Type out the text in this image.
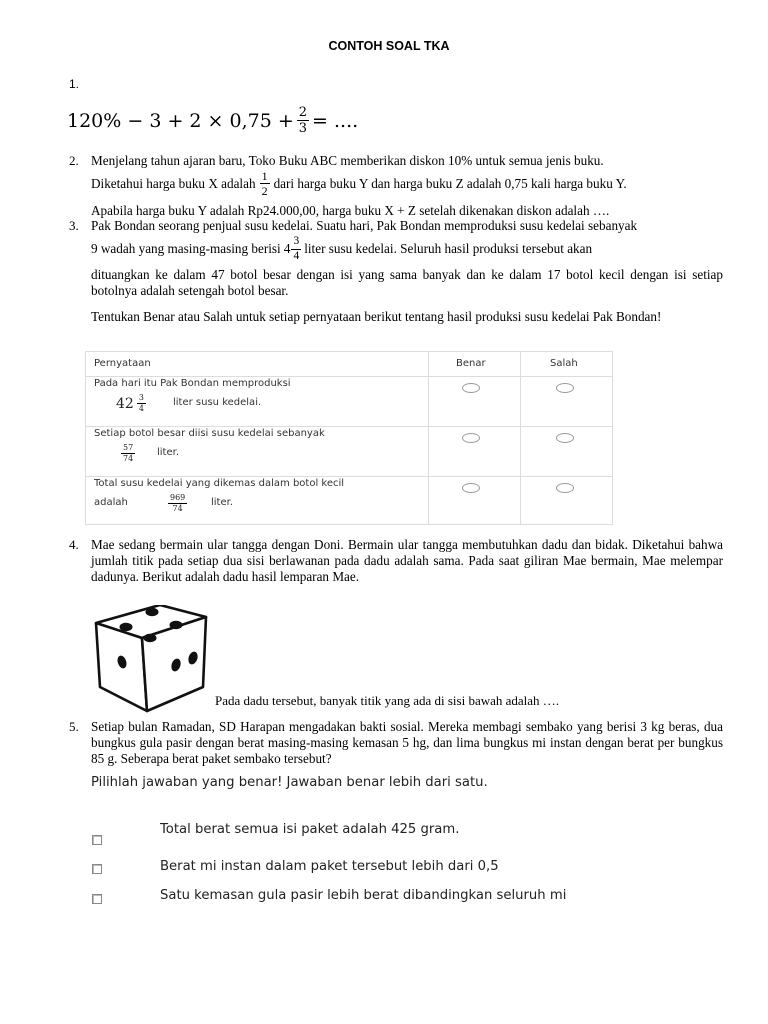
CONTOH SOAL TKA
1.
$120\% - 3 + 2 \times 0,75 + \frac{2}{3}$ = ....
2. Menjelang tahun ajaran baru, Toko Buku ABC memberikan diskon 10% untuk semua jenis buku.
Diketahui harga buku X adalah $\frac{1}{2}$ dari harga buku Y dan harga buku Z adalah 0,75 kali harga buku Y.
Apabila harga buku Y adalah Rp24.000,00, harga buku X + Z setelah dikenakan diskon adalah ….
3. Pak Bondan seorang penjual susu kedelai. Suatu hari, Pak Bondan memproduksi susu kedelai sebanyak
9 wadah yang masing-masing berisi $4 \frac{3}{4}$ liter susu kedelai. Seluruh hasil produksi tersebut akan
dituangkan ke dalam 47 botol besar dengan isi yang sama banyak dan ke dalam 17 botol kecil dengan isi setiap botolnya adalah setengah botol besar.
Tentukan Benar atau Salah untuk setiap pernyataan berikut tentang hasil produksi susu kedelai Pak Bondan!
Pernyataan	Benar	Salah
Pada hari itu Pak Bondan memproduksi
$42 \frac{3}{4}$	liter susu kedelai.
Setiap botol besar diisi susu kedelai sebanyak
$\frac{57}{74}$ liter.
Total susu kedelai yang dikemas dalam botol kecil
adalah	$\frac{969}{74}$ liter.
4. Mae sedang bermain ular tangga dengan Doni. Bermain ular tangga membutuhkan dadu dan bidak. Diketahui bahwa jumlah titik pada setiap dua sisi berlawanan pada dadu adalah sama. Pada saat giliran Mae bermain, Mae melempar dadunya. Berikut adalah dadu hasil lemparan Mae.
Pada dadu tersebut, banyak titik yang ada di sisi bawah adalah ….
5. Setiap bulan Ramadan, SD Harapan mengadakan bakti sosial. Mereka membagi sembako yang berisi 3 kg beras, dua bungkus gula pasir dengan berat masing-masing kemasan 5 hg, dan lima bungkus mi instan dengan berat per bungkus 85 g. Seberapa berat paket sembako tersebut?
Pilihlah jawaban yang benar! Jawaban benar lebih dari satu.
Total berat semua isi paket adalah 425 gram.
Berat mi instan dalam paket tersebut lebih dari 0,5
Satu kemasan gula pasir lebih berat dibandingkan seluruh mi
